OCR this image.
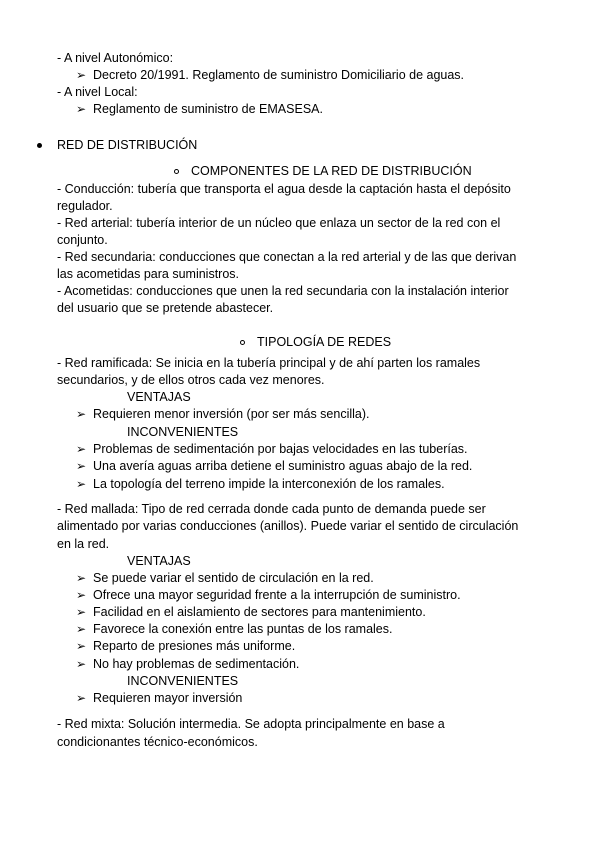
- A nivel Autonómico:
➢ Decreto 20/1991. Reglamento de suministro Domiciliario de aguas.
- A nivel Local:
➢ Reglamento de suministro de EMASESA.
RED DE DISTRIBUCIÓN
COMPONENTES DE LA RED DE DISTRIBUCIÓN
- Conducción: tubería que transporta el agua desde la captación hasta el depósito
regulador.
- Red arterial: tubería interior de un núcleo que enlaza un sector de la red con el
conjunto.
- Red secundaria: conducciones que conectan a la red arterial y de las que derivan
las acometidas para suministros.
- Acometidas: conducciones que unen la red secundaria con la instalación interior
del usuario que se pretende abastecer.
TIPOLOGÍA DE REDES
- Red ramificada: Se inicia en la tubería principal y de ahí parten los ramales
secundarios, y de ellos otros cada vez menores.
VENTAJAS
➢ Requieren menor inversión (por ser más sencilla).
INCONVENIENTES
➢ Problemas de sedimentación por bajas velocidades en las tuberías.
➢ Una avería aguas arriba detiene el suministro aguas abajo de la red.
➢ La topología del terreno impide la interconexión de los ramales.
- Red mallada: Tipo de red cerrada donde cada punto de demanda puede ser
alimentado por varias conducciones (anillos). Puede variar el sentido de circulación
en la red.
VENTAJAS
➢ Se puede variar el sentido de circulación en la red.
➢ Ofrece una mayor seguridad frente a la interrupción de suministro.
➢ Facilidad en el aislamiento de sectores para mantenimiento.
➢ Favorece la conexión entre las puntas de los ramales.
➢ Reparto de presiones más uniforme.
➢ No hay problemas de sedimentación.
INCONVENIENTES
➢ Requieren mayor inversión
- Red mixta: Solución intermedia. Se adopta principalmente en base a
condicionantes técnico-económicos.
